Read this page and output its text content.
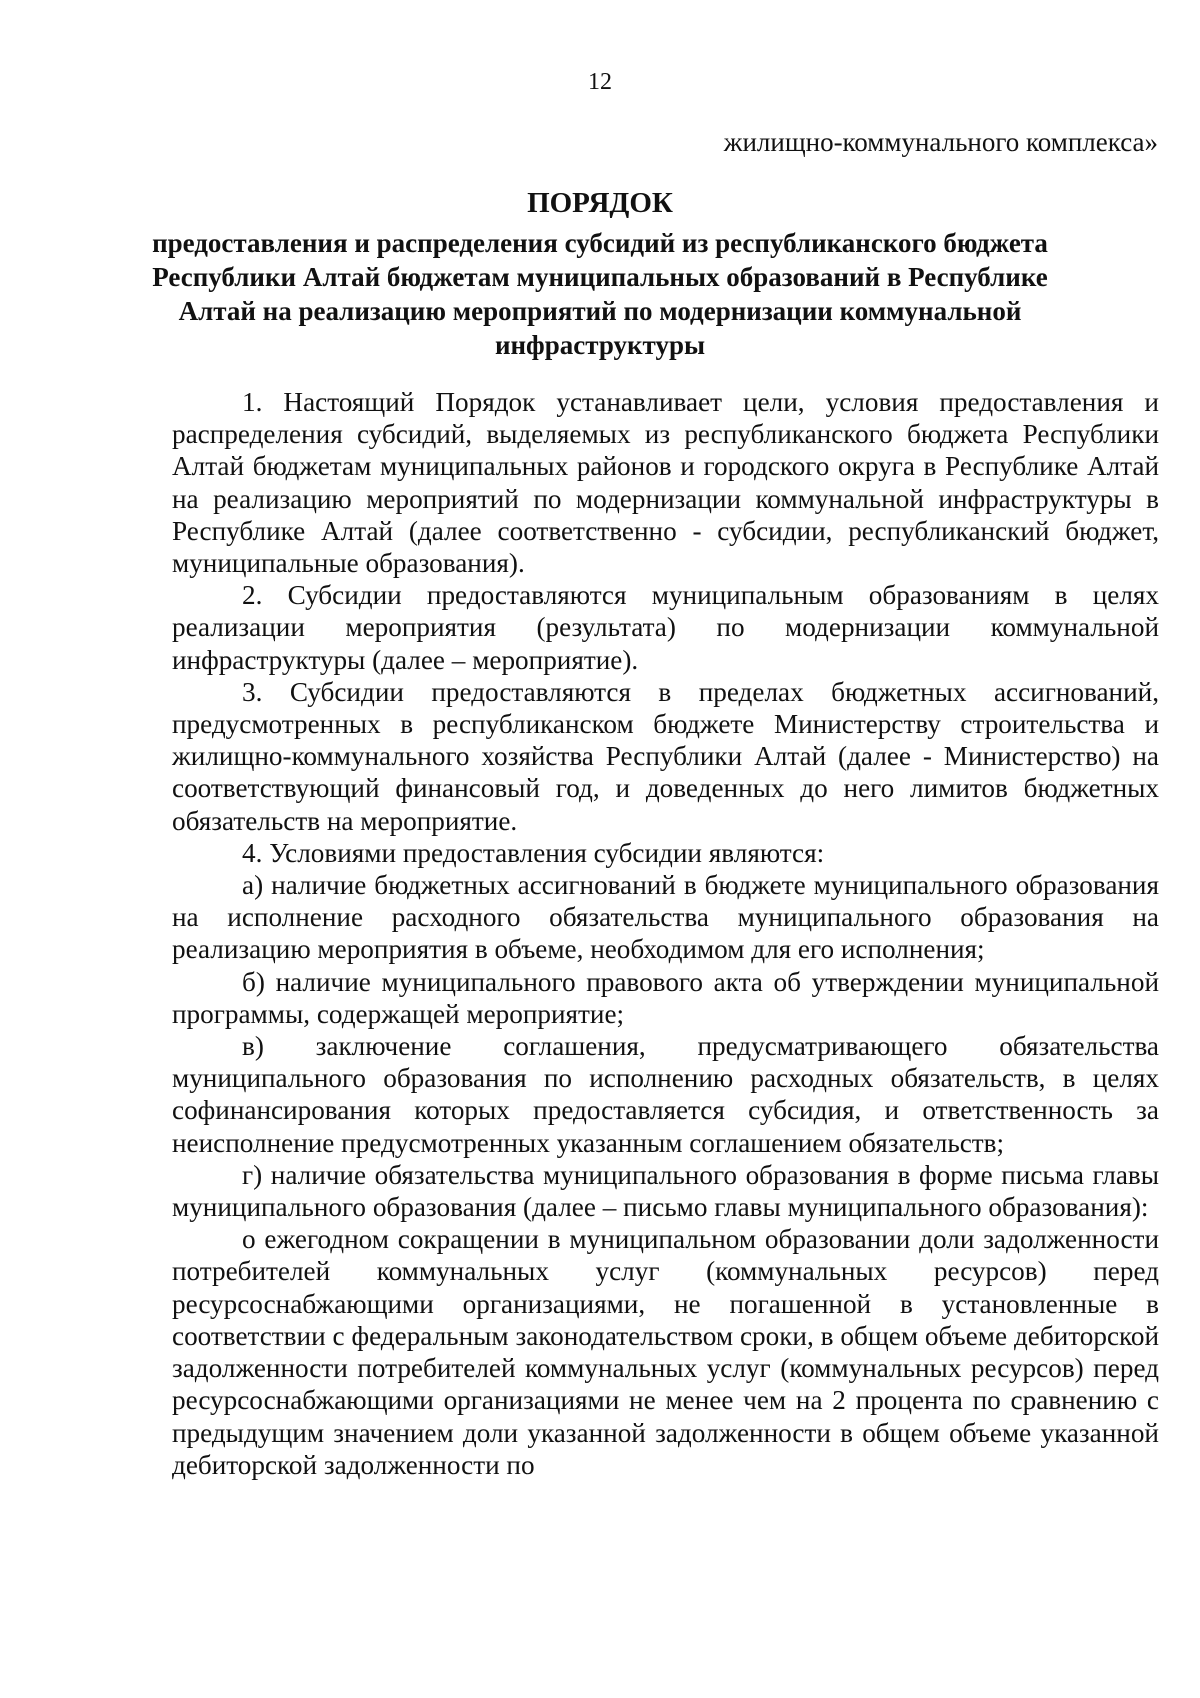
12
жилищно-коммунального комплекса»
ПОРЯДОК
предоставления и распределения субсидий из республиканского бюджета Республики Алтай бюджетам муниципальных образований в Республике Алтай на реализацию мероприятий по модернизации коммунальной инфраструктуры

1. Настоящий Порядок устанавливает цели, условия предоставления и распределения субсидий, выделяемых из республиканского бюджета Республики Алтай бюджетам муниципальных районов и городского округа в Республике Алтай на реализацию мероприятий по модернизации коммунальной инфраструктуры в Республике Алтай (далее соответственно - субсидии, республиканский бюджет, муниципальные образования).

2. Субсидии предоставляются муниципальным образованиям в целях реализации мероприятия (результата) по модернизации коммунальной инфраструктуры (далее – мероприятие).

3. Субсидии предоставляются в пределах бюджетных ассигнований, предусмотренных в республиканском бюджете Министерству строительства и жилищно-коммунального хозяйства Республики Алтай (далее - Министерство) на соответствующий финансовый год, и доведенных до него лимитов бюджетных обязательств на мероприятие.

4. Условиями предоставления субсидии являются:

а) наличие бюджетных ассигнований в бюджете муниципального образования на исполнение расходного обязательства муниципального образования на реализацию мероприятия в объеме, необходимом для его исполнения;

б) наличие муниципального правового акта об утверждении муниципальной программы, содержащей мероприятие;

в) заключение соглашения, предусматривающего обязательства муниципального образования по исполнению расходных обязательств, в целях софинансирования которых предоставляется субсидия, и ответственность за неисполнение предусмотренных указанным соглашением обязательств;

г) наличие обязательства муниципального образования в форме письма главы муниципального образования (далее – письмо главы муниципального образования):

о ежегодном сокращении в муниципальном образовании доли задолженности потребителей коммунальных услуг (коммунальных ресурсов) перед ресурсоснабжающими организациями, не погашенной в установленные в соответствии с федеральным законодательством сроки, в общем объеме дебиторской задолженности потребителей коммунальных услуг (коммунальных ресурсов) перед ресурсоснабжающими организациями не менее чем на 2 процента по сравнению с предыдущим значением доли указанной задолженности в общем объеме указанной дебиторской задолженности по
